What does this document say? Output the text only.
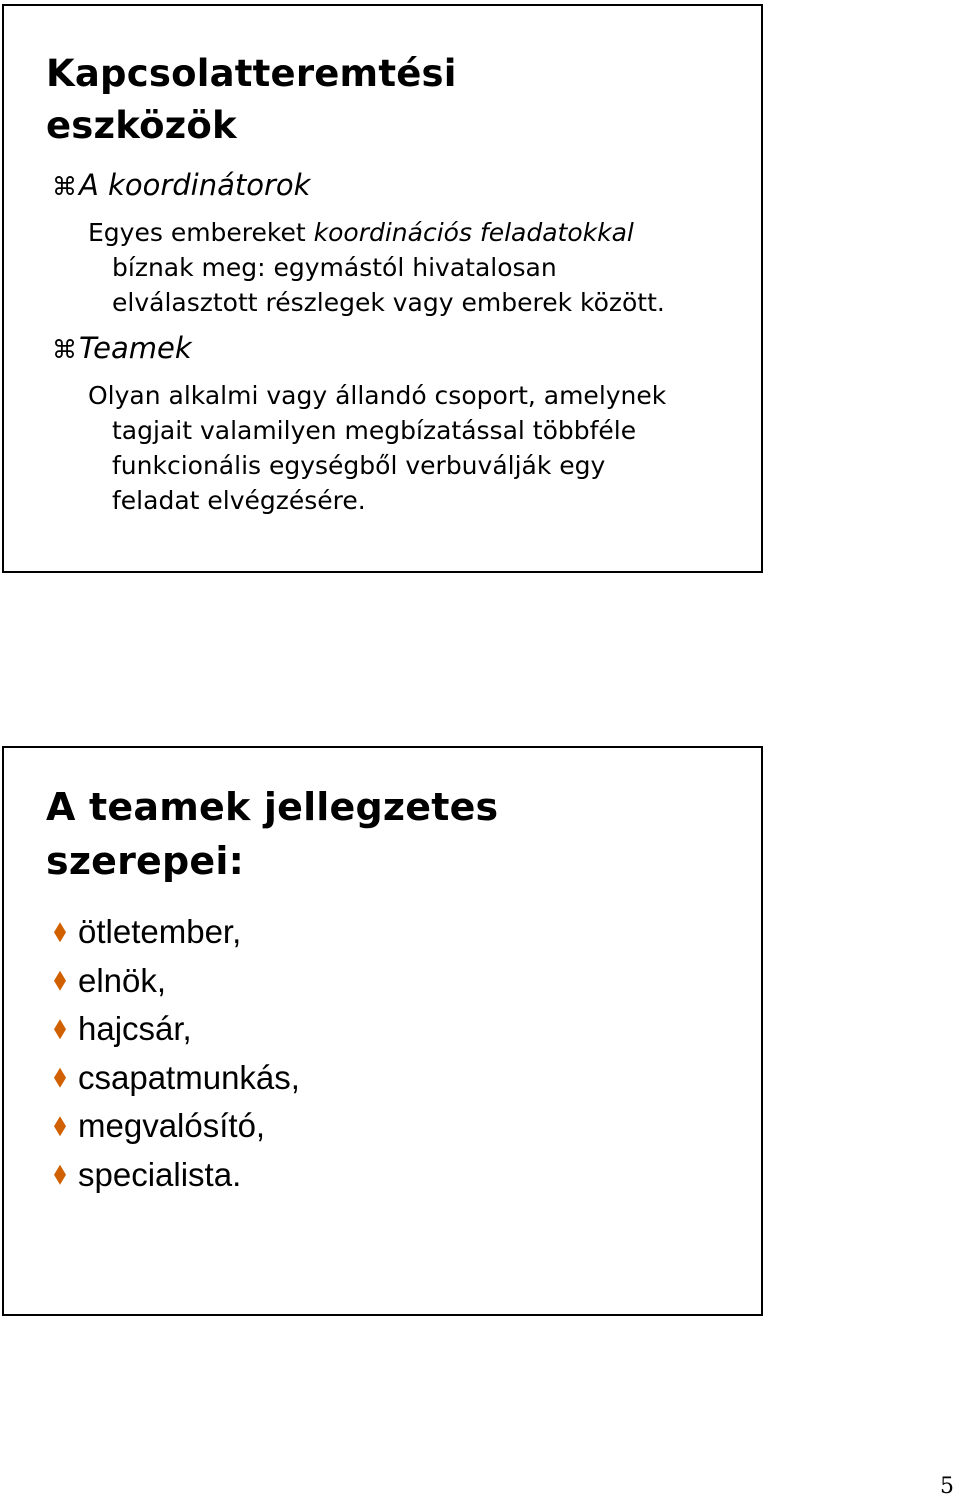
Kapcsolatteremtési
eszközök
⌘A koordinátorok

Egyes embereket koordinációs feladatokkal
bíznak meg: egymástól hivatalosan
elválasztott részlegek vagy emberek között.

⌘Teamek

Olyan alkalmi vagy állandó csoport, amelynek
tagjait valamilyen megbízatással többféle
funkcionális egységből verbuválják egy
feladat elvégzésére.

A teamek jellegzetes
szerepei:
ötletember,
elnök,
hajcsár,
csapatmunkás,
megvalósító,
specialista.
5
